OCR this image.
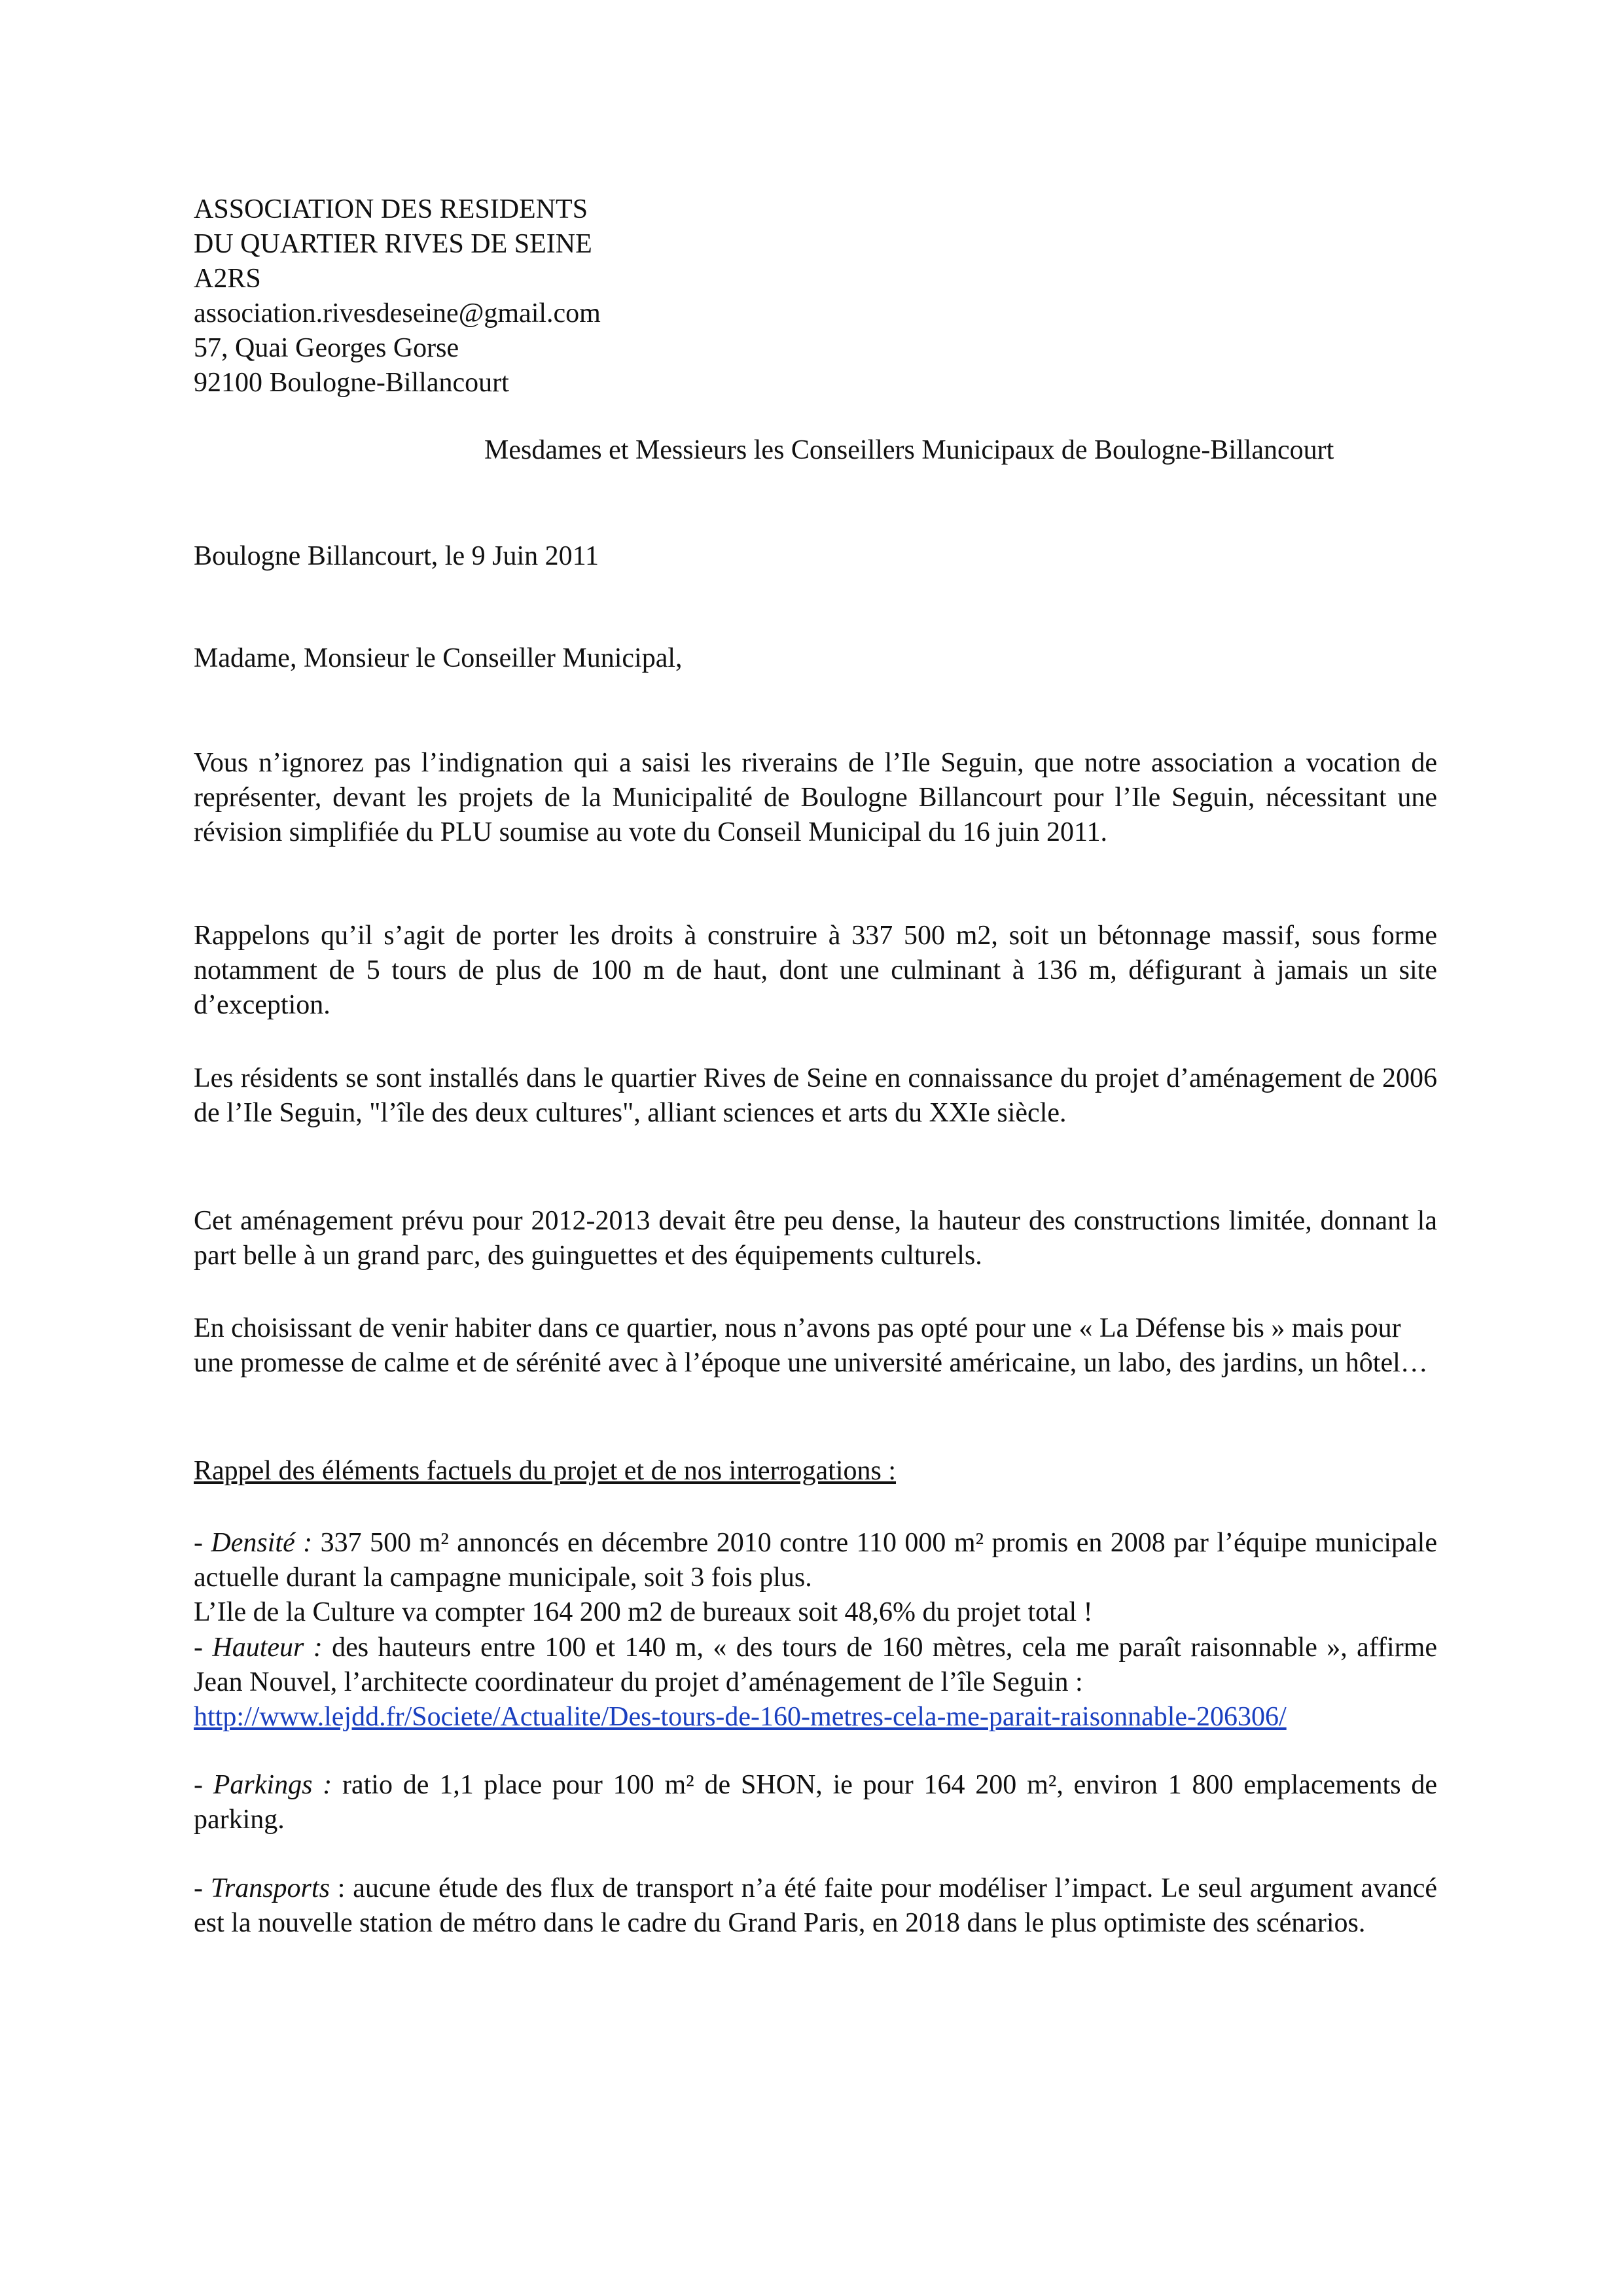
ASSOCIATION DES RESIDENTS
DU QUARTIER RIVES DE SEINE
A2RS
association.rivesdeseine@gmail.com
57, Quai Georges Gorse
92100 Boulogne-Billancourt
Mesdames et Messieurs les Conseillers Municipaux de Boulogne-Billancourt
Boulogne Billancourt, le 9 Juin 2011
Madame, Monsieur le Conseiller Municipal,

Vous n’ignorez pas l’indignation qui a saisi les riverains de l’Ile Seguin, que notre association a vocation de représenter, devant les projets de la Municipalité de Boulogne Billancourt pour l’Ile Seguin, nécessitant une révision simplifiée du PLU soumise au vote du Conseil Municipal du 16 juin 2011.

Rappelons qu’il s’agit de porter les droits à construire à 337 500 m2, soit un bétonnage massif, sous forme notamment de 5 tours de plus de 100 m de haut, dont une culminant à 136 m, défigurant à jamais un site d’exception.

Les résidents se sont installés dans le quartier Rives de Seine en connaissance du projet d’aménagement de 2006 de l’Ile Seguin, "l’île des deux cultures", alliant sciences et arts du XXIe siècle.

Cet aménagement prévu pour 2012-2013 devait être peu dense, la hauteur des constructions limitée, donnant la part belle à un grand parc, des guinguettes et des équipements culturels.

En choisissant de venir habiter dans ce quartier, nous n’avons pas opté pour une « La Défense bis » mais pour une promesse de calme et de sérénité avec à l’époque une université américaine, un labo, des jardins, un hôtel…

Rappel des éléments factuels du projet et de nos interrogations :

- Densité : 337 500 m² annoncés en décembre 2010 contre 110 000 m² promis en 2008 par l’équipe municipale actuelle durant la campagne municipale, soit 3 fois plus.

L’Ile de la Culture va compter 164 200 m2 de bureaux soit 48,6% du projet total !

- Hauteur : des hauteurs entre 100 et 140 m, « des tours de 160 mètres, cela me paraît raisonnable », affirme Jean Nouvel, l’architecte coordinateur du projet d’aménagement de l’île Seguin :

http://www.lejdd.fr/Societe/Actualite/Des-tours-de-160-metres-cela-me-parait-raisonnable-206306/

- Parkings : ratio de 1,1 place pour 100 m² de SHON, ie pour 164 200 m², environ 1 800 emplacements de parking.

- Transports : aucune étude des flux de transport n’a été faite pour modéliser l’impact. Le seul argument avancé est la nouvelle station de métro dans le cadre du Grand Paris, en 2018 dans le plus optimiste des scénarios.
